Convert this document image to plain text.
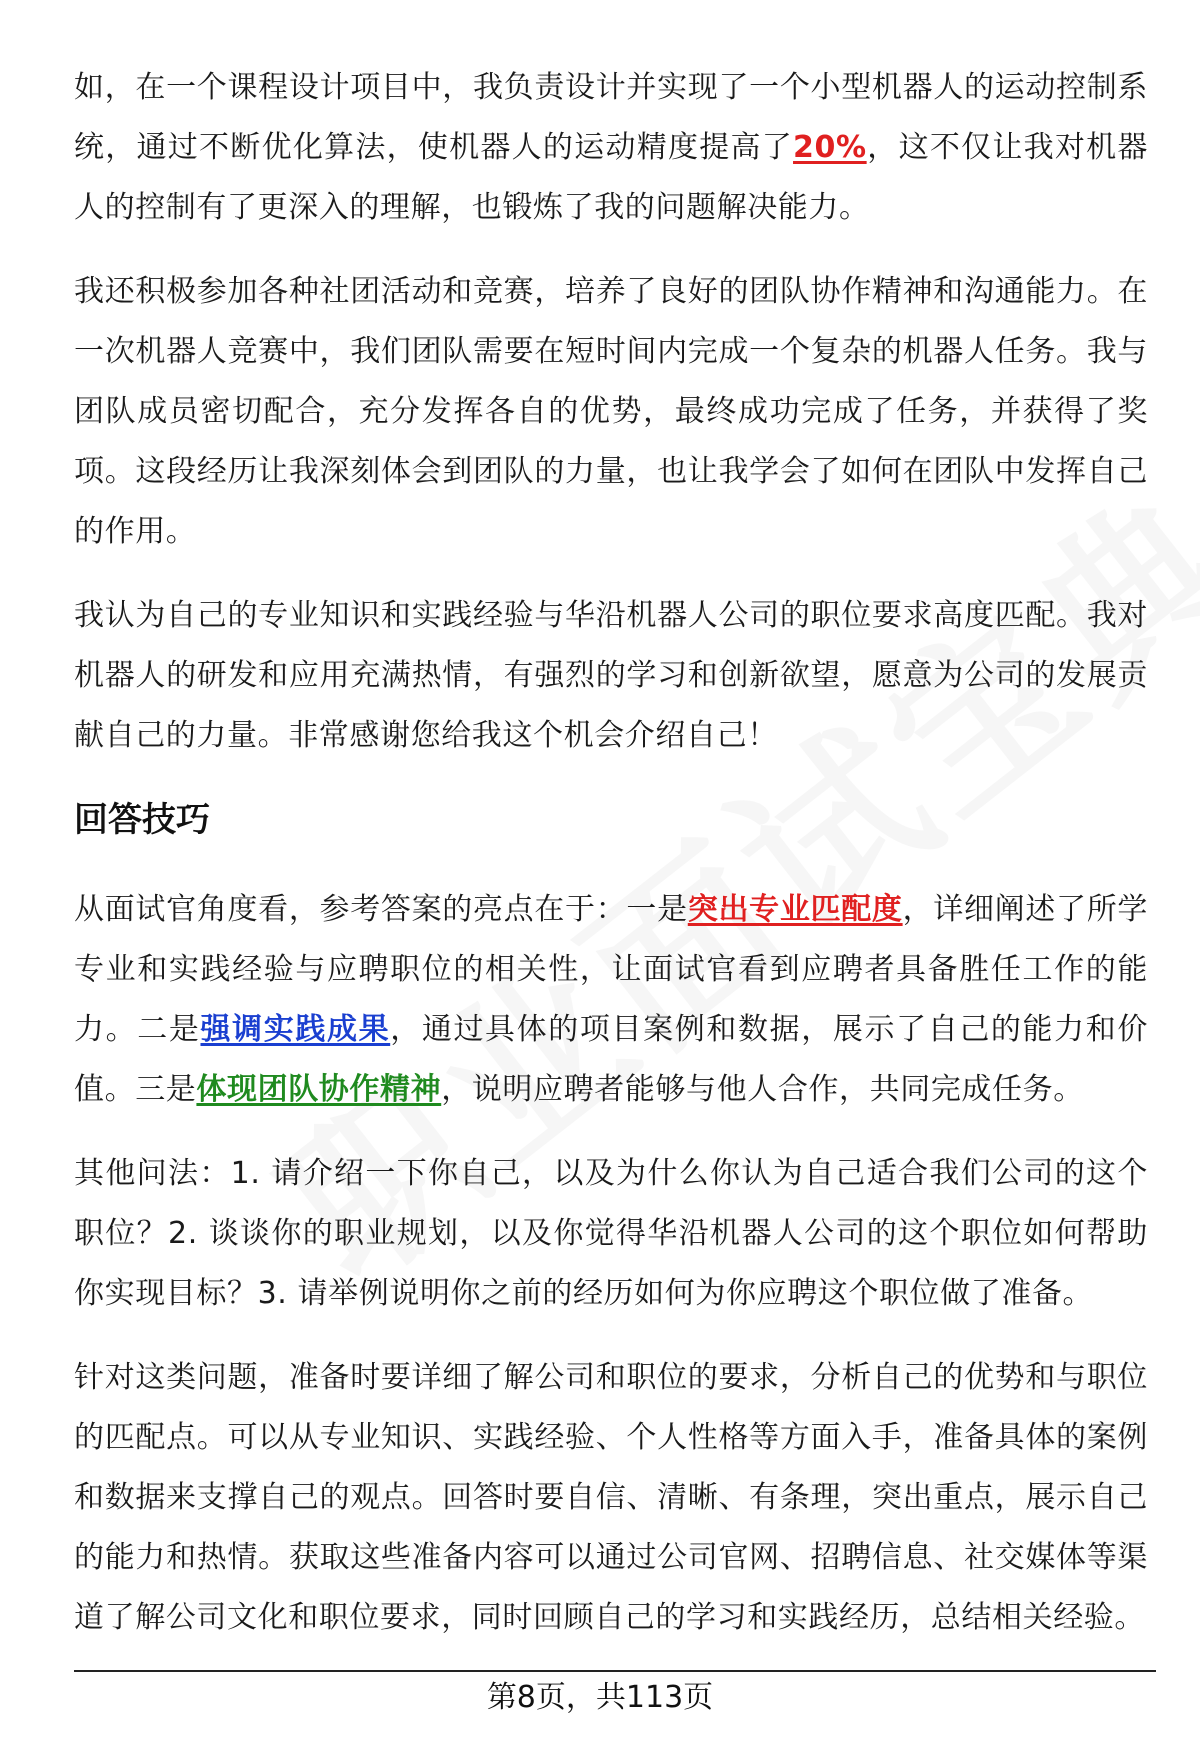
如，在一个课程设计项目中，我负责设计并实现了一个小型机器人的运动控制系统，通过不断优化算法，使机器人的运动精度提高了20%，这不仅让我对机器人的控制有了更深入的理解，也锻炼了我的问题解决能力。

我还积极参加各种社团活动和竞赛，培养了良好的团队协作精神和沟通能力。在一次机器人竞赛中，我们团队需要在短时间内完成一个复杂的机器人任务。我与团队成员密切配合，充分发挥各自的优势，最终成功完成了任务，并获得了奖项。这段经历让我深刻体会到团队的力量，也让我学会了如何在团队中发挥自己的作用。

我认为自己的专业知识和实践经验与华沿机器人公司的职位要求高度匹配。我对机器人的研发和应用充满热情，有强烈的学习和创新欲望，愿意为公司的发展贡献自己的力量。非常感谢您给我这个机会介绍自己！

回答技巧

从面试官角度看，参考答案的亮点在于：一是突出专业匹配度，详细阐述了所学专业和实践经验与应聘职位的相关性，让面试官看到应聘者具备胜任工作的能力。二是强调实践成果，通过具体的项目案例和数据，展示了自己的能力和价值。三是体现团队协作精神，说明应聘者能够与他人合作，共同完成任务。

其他问法：1. 请介绍一下你自己，以及为什么你认为自己适合我们公司的这个职位？2. 谈谈你的职业规划，以及你觉得华沿机器人公司的这个职位如何帮助你实现目标？3. 请举例说明你之前的经历如何为你应聘这个职位做了准备。

针对这类问题，准备时要详细了解公司和职位的要求，分析自己的优势和与职位的匹配点。可以从专业知识、实践经验、个人性格等方面入手，准备具体的案例和数据来支撑自己的观点。回答时要自信、清晰、有条理，突出重点，展示自己的能力和热情。获取这些准备内容可以通过公司官网、招聘信息、社交媒体等渠道了解公司文化和职位要求，同时回顾自己的学习和实践经历，总结相关经验。

第8页，共113页
